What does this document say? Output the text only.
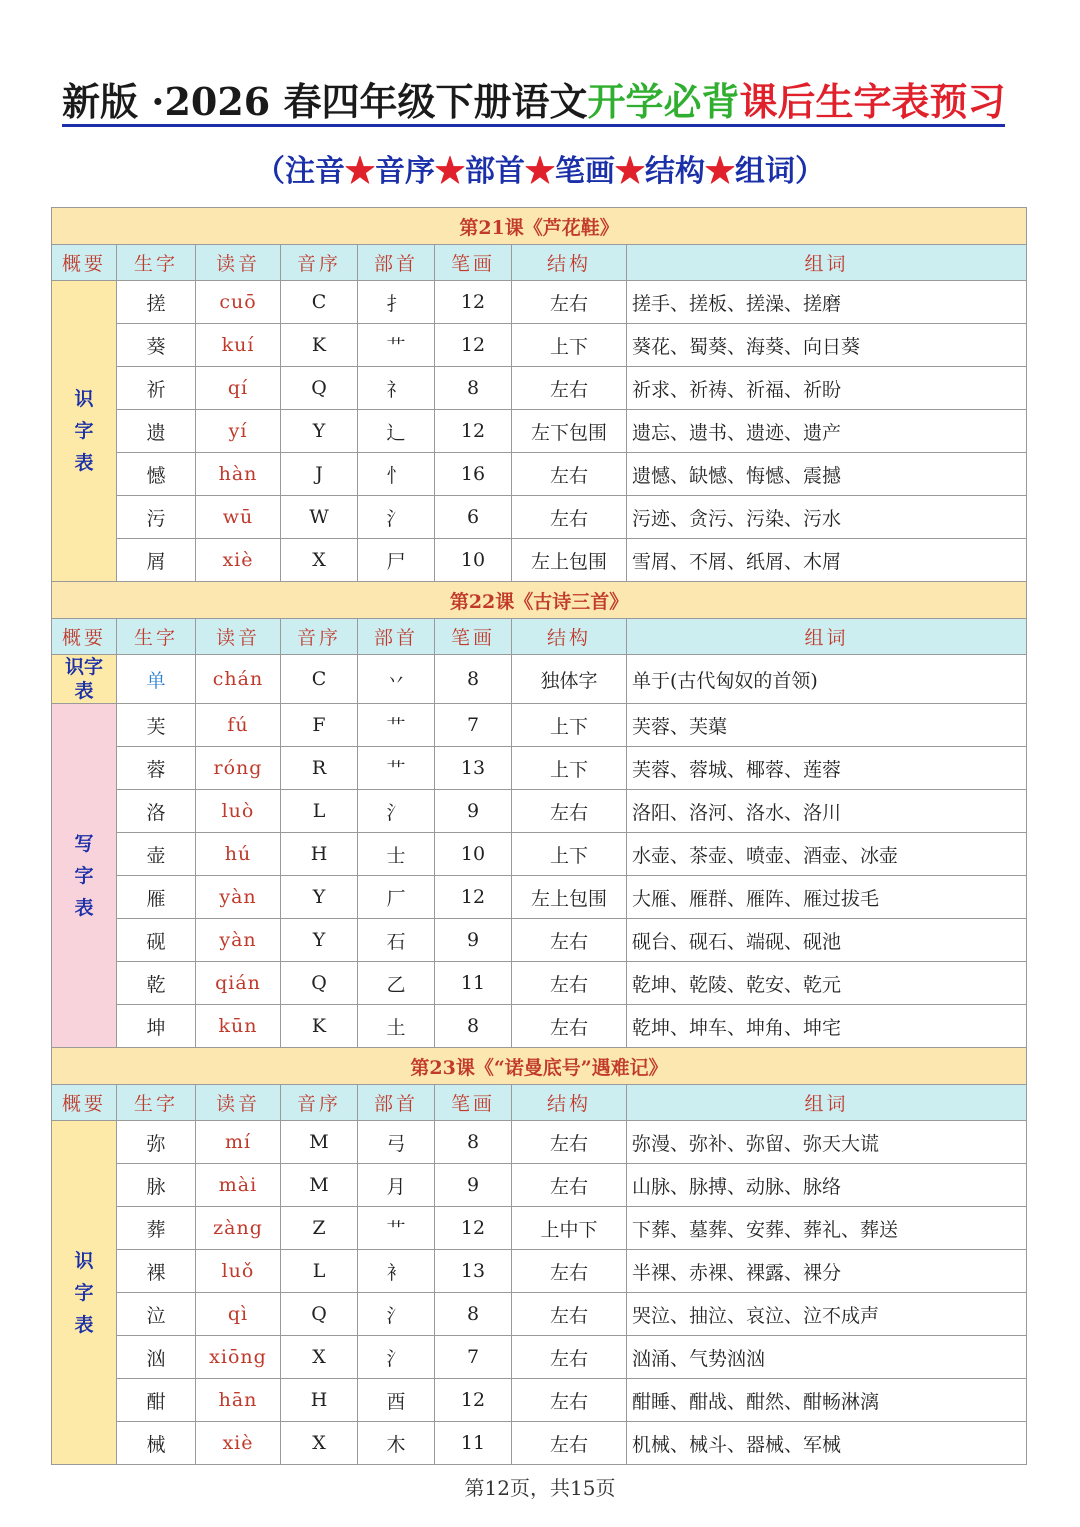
新版 ·2026 春四年级下册语文开学必背课后生字表预习
（注音★音序★部首★笔画★结构★组词）
第21课《芦花鞋》							
概要	生字	读音	音序	部首	笔画	结构	组词

识字表	搓	cuō	C	扌	12	左右	搓手、搓板、搓澡、搓磨
	葵	kuí	K	艹	12	上下	葵花、蜀葵、海葵、向日葵
	祈	qí	Q	礻	8	左右	祈求、祈祷、祈福、祈盼
	遗	yí	Y	辶	12	左下包围	遗忘、遗书、遗迹、遗产
	憾	hàn	J	忄	16	左右	遗憾、缺憾、悔憾、震撼
	污	wū	W	氵	6	左右	污迹、贪污、污染、污水
	屑	xiè	X	尸	10	左上包围	雪屑、不屑、纸屑、木屑
第22课《古诗三首》							
概要	生字	读音	音序	部首	笔画	结构	组词

识字表	单	chán	C	丷	8	独体字	单于(古代匈奴的首领)

写字表	芙	fú	F	艹	7	上下	芙蓉、芙蕖
	蓉	róng	R	艹	13	上下	芙蓉、蓉城、椰蓉、莲蓉
	洛	luò	L	氵	9	左右	洛阳、洛河、洛水、洛川
	壶	hú	H	士	10	上下	水壶、茶壶、喷壶、酒壶、冰壶
	雁	yàn	Y	厂	12	左上包围	大雁、雁群、雁阵、雁过拔毛
	砚	yàn	Y	石	9	左右	砚台、砚石、端砚、砚池
	乾	qián	Q	乙	11	左右	乾坤、乾陵、乾安、乾元
	坤	kūn	K	土	8	左右	乾坤、坤车、坤角、坤宅
第23课《“诺曼底号”遇难记》							
概要	生字	读音	音序	部首	笔画	结构	组词

识字表	弥	mí	M	弓	8	左右	弥漫、弥补、弥留、弥天大谎
	脉	mài	M	月	9	左右	山脉、脉搏、动脉、脉络
	葬	zàng	Z	艹	12	上中下	下葬、墓葬、安葬、葬礼、葬送
	裸	luǒ	L	衤	13	左右	半裸、赤裸、裸露、裸分
	泣	qì	Q	氵	8	左右	哭泣、抽泣、哀泣、泣不成声
	汹	xiōng	X	氵	7	左右	汹涌、气势汹汹
	酣	hān	H	酉	12	左右	酣睡、酣战、酣然、酣畅淋漓
	械	xiè	X	木	11	左右	机械、械斗、器械、军械
第12页，共15页
